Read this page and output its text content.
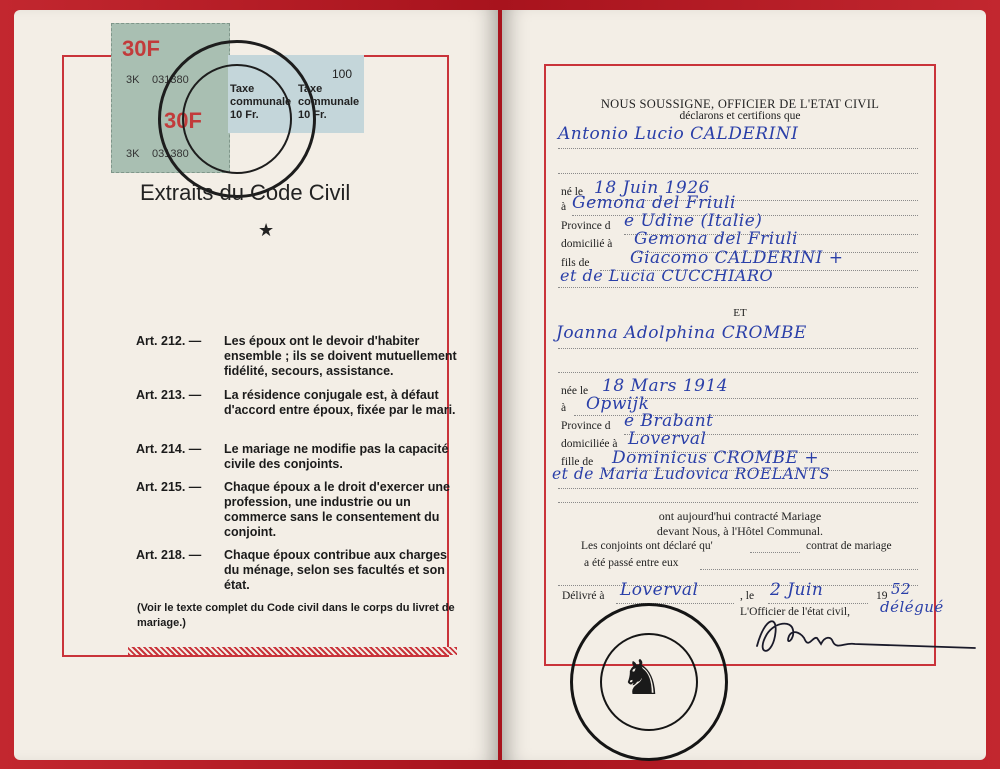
30F
3K 031380
30F
3K 031380
100
Taxe communale
10 Fr.
Taxe communale
10 Fr.
Extraits du Code Civil
★
Art. 212. —	Les époux ont le devoir d'habiter ensemble ; ils se doivent mutuellement fidélité, secours, assistance.
Art. 213. —	La résidence conjugale est, à défaut d'accord entre époux, fixée par le mari.
Art. 214. —	Le mariage ne modifie pas la capacité civile des conjoints.
Art. 215. —	Chaque époux a le droit d'exercer une profession, une industrie ou un commerce sans le consentement du conjoint.
Art. 218. —	Chaque époux contribue aux charges du ménage, selon ses facultés et son état.
(Voir le texte complet du Code civil dans le corps du livret de mariage.)
NOUS SOUSSIGNE, OFFICIER DE L'ETAT CIVIL
déclarons et certifions que
Antonio Lucio CALDERINI
né le 18 Juin 1926
à Gemona del Friuli
Province d e Udine (Italie)
domicilié à Gemona del Friuli
fils de Giacomo CALDERINI +
et de Lucia CUCCHIARO
ET
Joanna Adolphina CROMBE
née le 18 Mars 1914
à Opwijk
Province d e Brabant
domiciliée à Loverval
fille de Dominicus CROMBE +
et de Maria Ludovica ROELANTS
ont aujourd'hui contracté Mariage
devant Nous, à l'Hôtel Communal.
Les conjoints ont déclaré qu'	contrat de mariage
a été passé entre eux
Délivré à Loverval	, le 2 Juin	19 52
L'Officier de l'état civil, délégué
♞
